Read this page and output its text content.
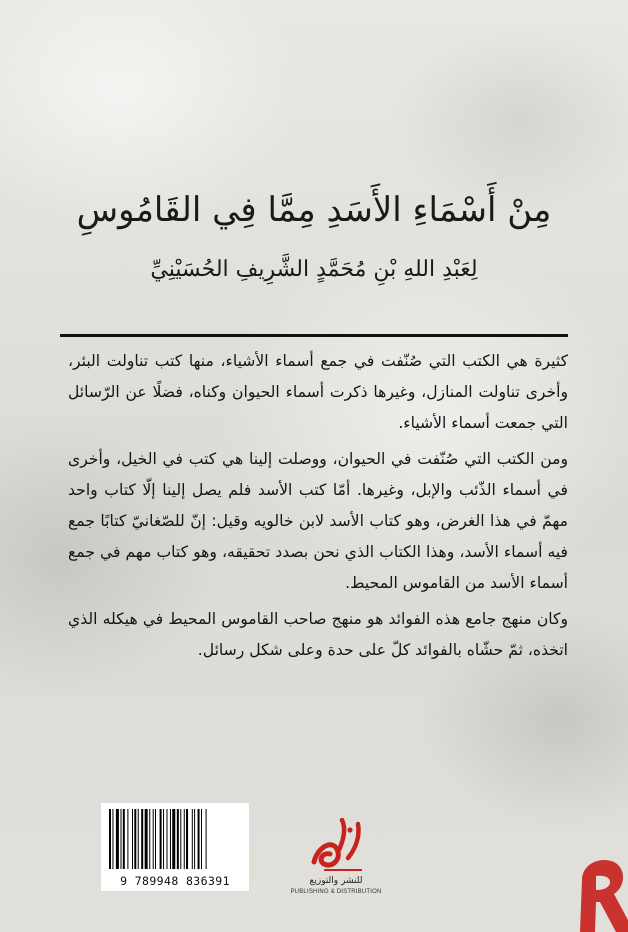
مِنْ أَسْمَاءِ الأَسَدِ مِمَّا فِي القَامُوسِ
لِعَبْدِ اللهِ بْنِ مُحَمَّدٍ الشَّرِيفِ الحُسَيْنِيِّ

كثيرة هي الكتب التي صُنّفت في جمع أسماء الأشياء، منها كتب تناولت البئر، وأخرى تناولت المنازل، وغيرها ذكرت أسماء الحيوان وكناه، فضلًا عن الرّسائل التي جمعت أسماء الأشياء.

ومن الكتب التي صُنّفت في الحيوان، ووصلت إلينا هي كتب في الخيل، وأخرى في أسماء الذّئب والإبل، وغيرها. أمّا كتب الأسد فلم يصل إلينا إلّا كتاب واحد مهمّ في هذا الغرض، وهو كتاب الأسد لابن خالويه وقيل: إنّ للصّغانيّ كتابًا جمع فيه أسماء الأسد، وهذا الكتاب الذي نحن بصدد تحقيقه، وهو كتاب مهم في جمع أسماء الأسد من القاموس المحيط.

وكان منهج جامع هذه الفوائد هو منهج صاحب القاموس المحيط في هيكله الذي اتخذه، ثمّ حشّاه بالفوائد كلّ على حدة وعلى شكل رسائل.

9 789948 836391	للنشر والتوزيع
PUBLISHING & DISTRIBUTION
